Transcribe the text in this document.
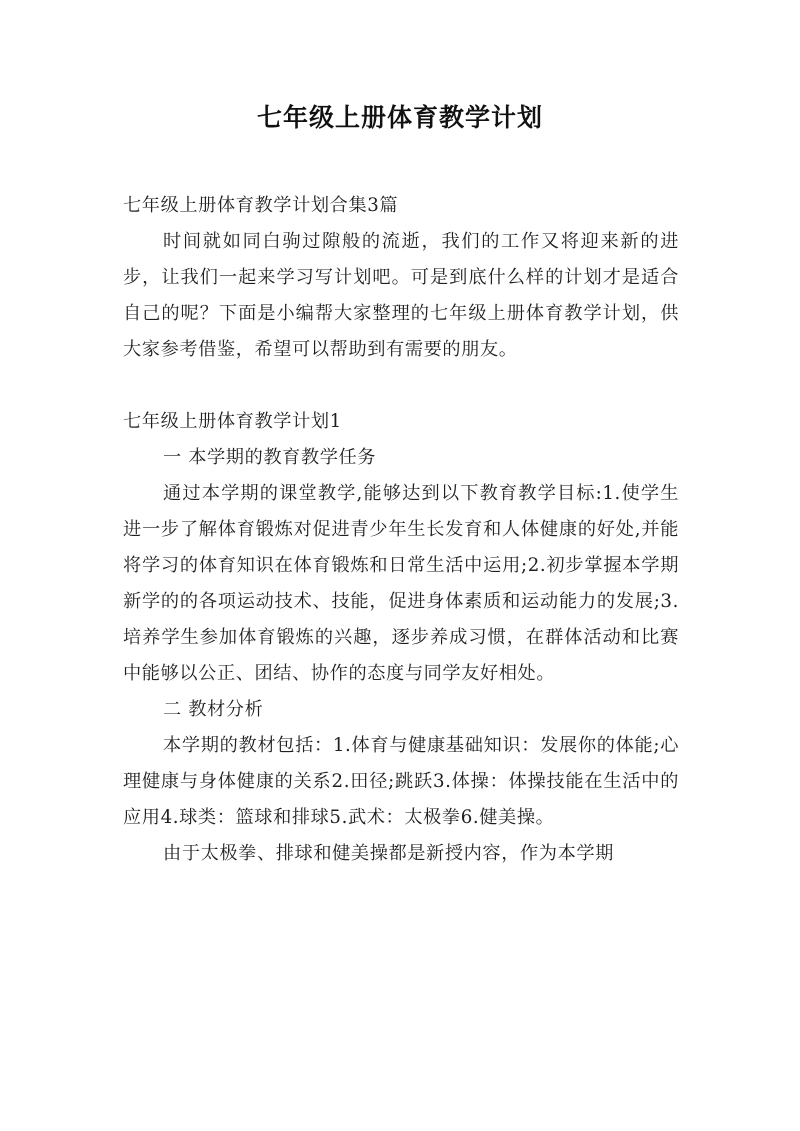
七年级上册体育教学计划

七年级上册体育教学计划合集3篇

时间就如同白驹过隙般的流逝，我们的工作又将迎来新的进步，让我们一起来学习写计划吧。可是到底什么样的计划才是适合自己的呢？下面是小编帮大家整理的七年级上册体育教学计划，供大家参考借鉴，希望可以帮助到有需要的朋友。

七年级上册体育教学计划1

一 本学期的教育教学任务

通过本学期的课堂教学,能够达到以下教育教学目标:1.使学生进一步了解体育锻炼对促进青少年生长发育和人体健康的好处,并能将学习的体育知识在体育锻炼和日常生活中运用;2.初步掌握本学期新学的的各项运动技术、技能，促进身体素质和运动能力的发展;3.培养学生参加体育锻炼的兴趣，逐步养成习惯，在群体活动和比赛中能够以公正、团结、协作的态度与同学友好相处。

二 教材分析

本学期的教材包括：1.体育与健康基础知识：发展你的体能;心理健康与身体健康的关系2.田径;跳跃3.体操：体操技能在生活中的应用4.球类：篮球和排球5.武术：太极拳6.健美操。

由于太极拳、排球和健美操都是新授内容，作为本学期
